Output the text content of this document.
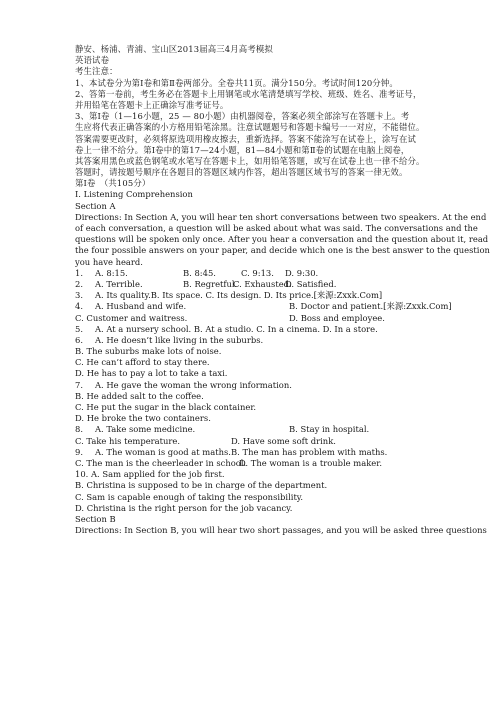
静安、杨浦、青浦、宝山区2013届高三4月高考模拟
英语试卷
考生注意：
1、本试卷分为第Ⅰ卷和第Ⅱ卷两部分。全卷共11页。满分150分。考试时间120分钟。
2、答第一卷前，考生务必在答题卡上用钢笔或水笔清楚填写学校、班级、姓名、准考证号，
并用铅笔在答题卡上正确涂写准考证号。
3、第Ⅰ卷（1—16小题，25 — 80小题）由机器阅卷，答案必须全部涂写在答题卡上。考
生应将代表正确答案的小方格用铅笔涂黑。注意试题题号和答题卡编号一一对应，不能错位。
答案需要更改时，必须将原选项用橡皮擦去，重新选择。答案不能涂写在试卷上，涂写在试
卷上一律不给分。第Ⅰ卷中的第17—24小题，81—84小题和第Ⅱ卷的试题在电脑上阅卷，
其答案用黑色或蓝色钢笔或水笔写在答题卡上，如用铅笔答题，或写在试卷上也一律不给分。
答题时，请按题号顺序在各题目的答题区域内作答，超出答题区域书写的答案一律无效。
第Ⅰ卷　（共105分）
I. Listening Comprehension
Section A
Directions: In Section A, you will hear ten short conversations between two speakers. At the end
of each conversation, a question will be asked about what was said. The conversations and the
questions will be spoken only once. After you hear a conversation and the question about it, read
the four possible answers on your paper, and decide which one is the best answer to the question
you have heard.
1.	A. 8:15.	B. 8:45.	C. 9:13.	D. 9:30.
2.	A. Terrible.	B. Regretful.
C. Exhausted.
D. Satisfied.
3.	A. Its quality.B. Its space. C. Its design. D. Its price.[来源:Zxxk.Com]
4.	A. Husband and wife.	B. Doctor and patient.[来源:Zxxk.Com]
C. Customer and waitress.	D. Boss and employee.
5.	A. At a nursery school. B. At a studio. C. In a cinema. D. In a store.
6.	A. He doesn’t like living in the suburbs.
B. The suburbs make lots of noise.
C. He can’t afford to stay there.
D. He has to pay a lot to take a taxi.
7.	A. He gave the woman the wrong information.
B. He added salt to the coffee.
C. He put the sugar in the black container.
D. He broke the two containers.
8.	A. Take some medicine.	B. Stay in hospital.
C. Take his temperature.	D. Have some soft drink.
9.	A. The woman is good at maths. B. The man has problem with maths.
C. The man is the cheerleader in school.
D. The woman is a trouble maker.
10. A. Sam applied for the job first.
B. Christina is supposed to be in charge of the department.
C. Sam is capable enough of taking the responsibility.
D. Christina is the right person for the job vacancy.
Section B
Directions: In Section B, you will hear two short passages, and you will be asked three questions
